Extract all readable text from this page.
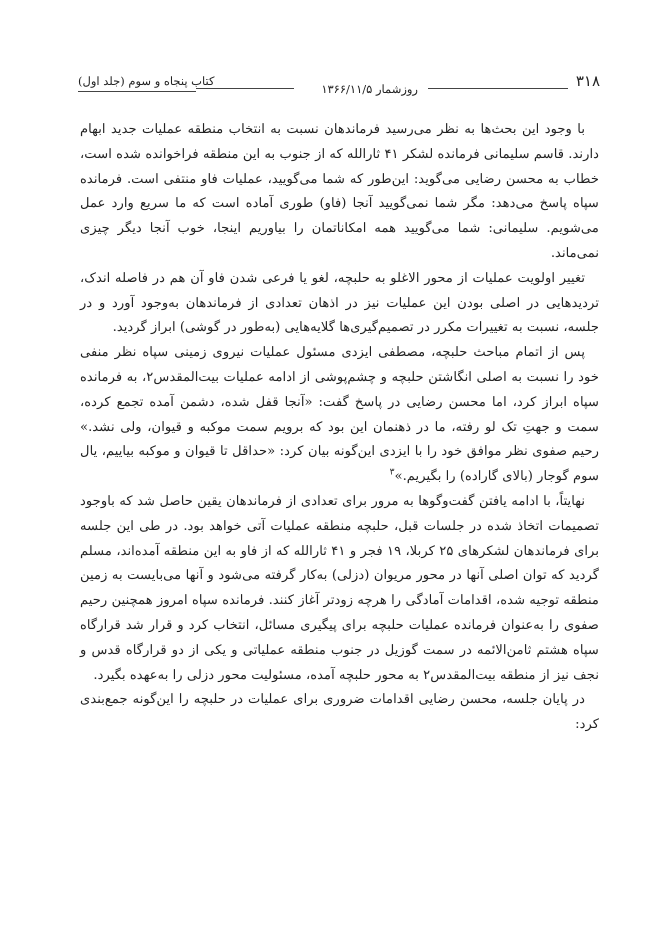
۳۱۸
روزشمار ۱۳۶۶/۱۱/۵
کتاب پنجاه و سوم (جلد اول)

با وجود این بحث‌ها به نظر می‌رسید فرماندهان نسبت به انتخاب منطقه عملیات جدید ابهام دارند. قاسم سلیمانی فرمانده لشکر ۴۱ ثارالله که از جنوب به این منطقه فراخوانده شده است، خطاب به محسن رضایی می‌گوید: این‌طور که شما می‌گویید، عملیات فاو منتفی است. فرمانده سپاه پاسخ می‌دهد: مگر شما نمی‌گویید آنجا (فاو) طوری آماده است که ما سریع وارد عمل می‌شویم. سلیمانی: شما می‌گویید همه امکاناتمان را بیاوریم اینجا، خوب آنجا دیگر چیزی نمی‌ماند.

تغییر اولویت عملیات از محور الاغلو به حلبچه، لغو یا فرعی شدن فاو آن هم در فاصله اندک، تردیدهایی در اصلی بودن این عملیات نیز در اذهان تعدادی از فرماندهان به‌وجود آورد و در جلسه، نسبت به تغییرات مکرر در تصمیم‌گیری‌ها گلایه‌هایی (به‌طور در گوشی) ابراز گردید.

پس از اتمام مباحث حلبچه، مصطفی ایزدی مسئول عملیات نیروی زمینی سپاه نظر منفی خود را نسبت به اصلی انگاشتن حلبچه و چشم‌پوشی از ادامه عملیات بیت‌المقدس۲، به فرمانده سپاه ابراز کرد، اما محسن رضایی در پاسخ گفت: «آنجا قفل شده، دشمن آمده تجمع کرده، سمت و جهتِ تک لو رفته، ما در ذهنمان این بود که برویم سمت موکبه و قیوان، ولی نشد.» رحیم صفوی نظر موافق خود را با ایزدی این‌گونه بیان کرد: «حداقل تا قیوان و موکبه بیاییم، یال سوم گوجار (بالای گاراده) را بگیریم.»$^۳$

نهایتاً، با ادامه یافتن گفت‌وگوها به مرور برای تعدادی از فرماندهان یقین حاصل شد که باوجود تصمیمات اتخاذ شده در جلسات قبل، حلبچه منطقه عملیات آتی خواهد بود. در طی این جلسه برای فرماندهان لشکرهای ۲۵ کربلا، ۱۹ فجر و ۴۱ ثارالله که از فاو به این منطقه آمده‌اند، مسلم گردید که توان اصلی آنها در محور مریوان (دزلی) به‌کار گرفته می‌شود و آنها می‌بایست به زمین منطقه توجیه شده، اقدامات آمادگی را هرچه زودتر آغاز کنند. فرمانده سپاه امروز همچنین رحیم صفوی را به‌عنوان فرمانده عملیات حلبچه برای پیگیری مسائل، انتخاب کرد و قرار شد قرارگاه سپاه هشتم ثامن‌الائمه در سمت گوزیل در جنوب منطقه عملیاتی و یکی از دو قرارگاه قدس و نجف نیز از منطقه بیت‌المقدس۲ به محور حلبچه آمده، مسئولیت محور دزلی را به‌عهده بگیرد.

در پایان جلسه، محسن رضایی اقدامات ضروری برای عملیات در حلبچه را این‌گونه جمع‌بندی کرد:
